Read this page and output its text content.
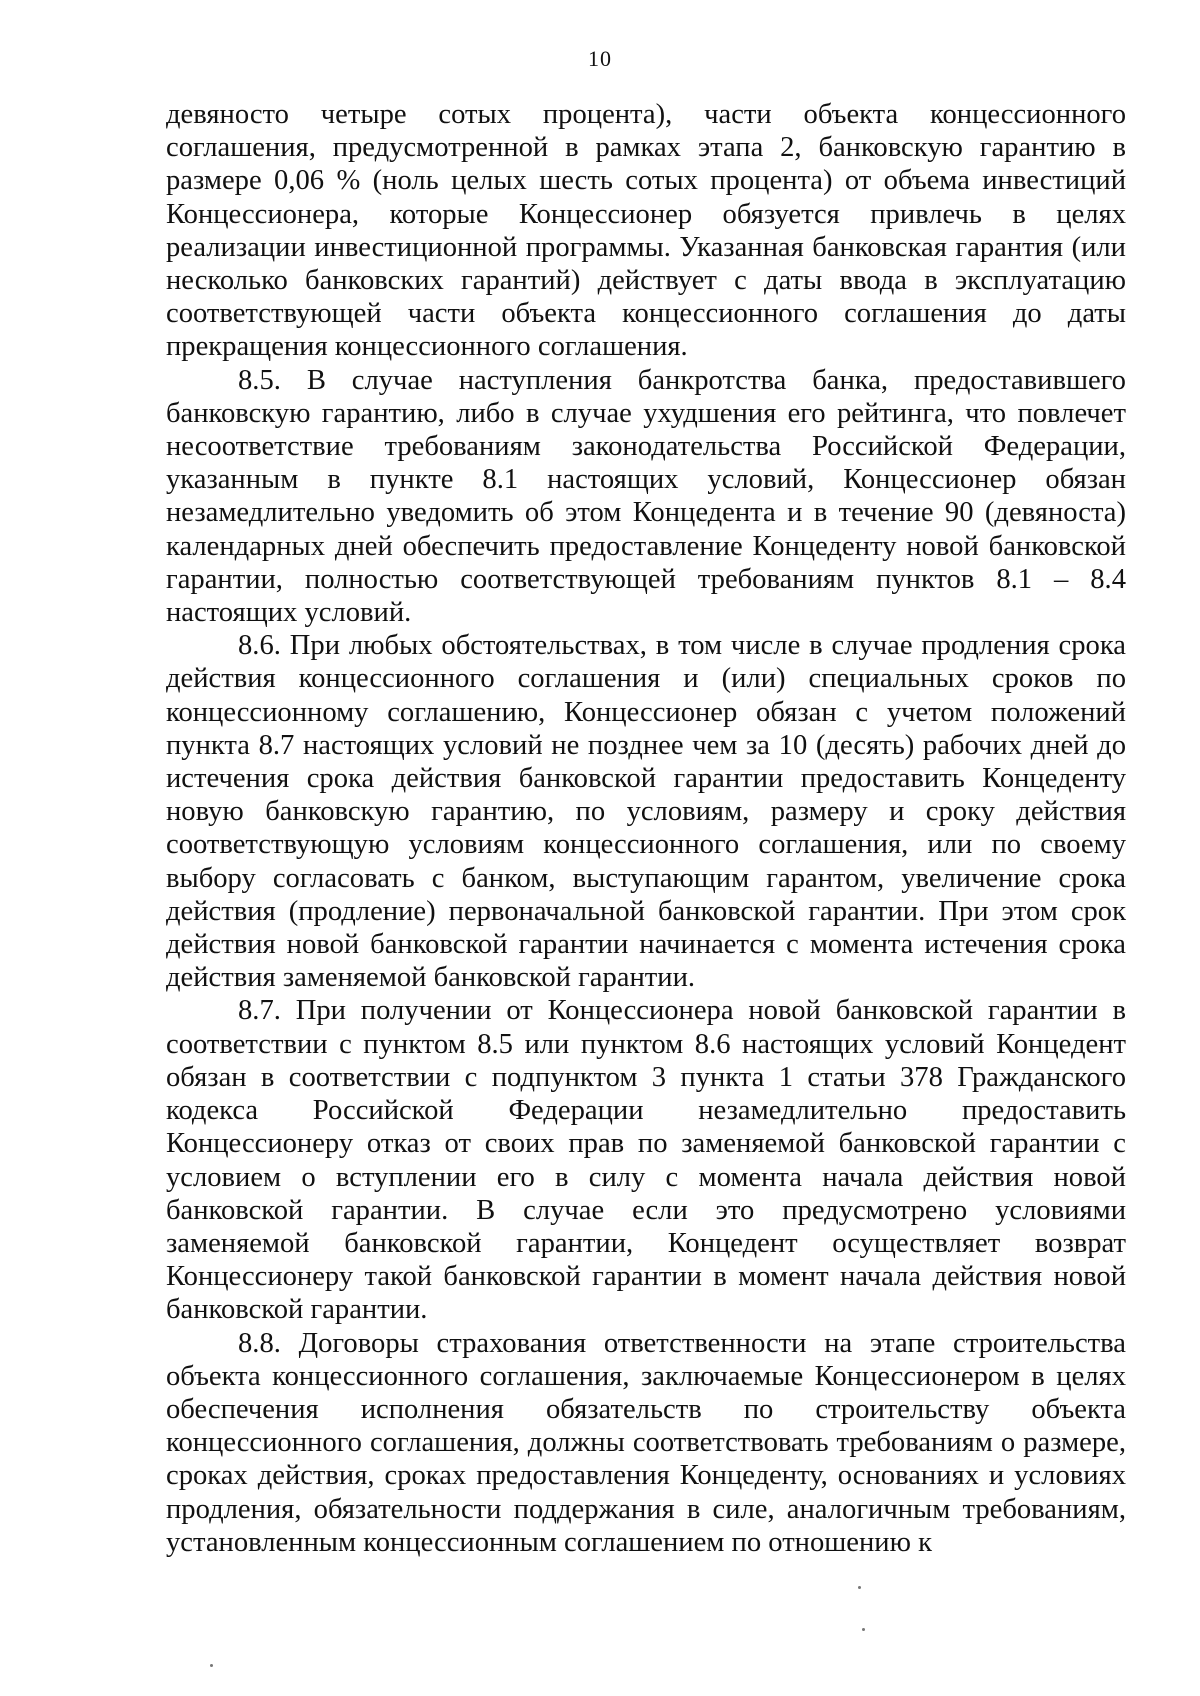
10

девяносто четыре сотых процента), части объекта концессионного соглашения, предусмотренной в рамках этапа 2, банковскую гарантию в размере 0,06 % (ноль целых шесть сотых процента) от объема инвестиций Концессионера, которые Концессионер обязуется привлечь в целях реализации инвестиционной программы. Указанная банковская гарантия (или несколько банковских гарантий) действует с даты ввода в эксплуатацию соответствующей части объекта концессионного соглашения до даты прекращения концессионного соглашения.

8.5. В случае наступления банкротства банка, предоставившего банковскую гарантию, либо в случае ухудшения его рейтинга, что повлечет несоответствие требованиям законодательства Российской Федерации, указанным в пункте 8.1 настоящих условий, Концессионер обязан незамедлительно уведомить об этом Концедента и в течение 90 (девяноста) календарных дней обеспечить предоставление Концеденту новой банковской гарантии, полностью соответствующей требованиям пунктов 8.1 – 8.4 настоящих условий.

8.6. При любых обстоятельствах, в том числе в случае продления срока действия концессионного соглашения и (или) специальных сроков по концессионному соглашению, Концессионер обязан с учетом положений пункта 8.7 настоящих условий не позднее чем за 10 (десять) рабочих дней до истечения срока действия банковской гарантии предоставить Концеденту новую банковскую гарантию, по условиям, размеру и сроку действия соответствующую условиям концессионного соглашения, или по своему выбору согласовать с банком, выступающим гарантом, увеличение срока действия (продление) первоначальной банковской гарантии. При этом срок действия новой банковской гарантии начинается с момента истечения срока действия заменяемой банковской гарантии.

8.7. При получении от Концессионера новой банковской гарантии в соответствии с пунктом 8.5 или пунктом 8.6 настоящих условий Концедент обязан в соответствии с подпунктом 3 пункта 1 статьи 378 Гражданского кодекса Российской Федерации незамедлительно предоставить Концессионеру отказ от своих прав по заменяемой банковской гарантии с условием о вступлении его в силу с момента начала действия новой банковской гарантии. В случае если это предусмотрено условиями заменяемой банковской гарантии, Концедент осуществляет возврат Концессионеру такой банковской гарантии в момент начала действия новой банковской гарантии.

8.8. Договоры страхования ответственности на этапе строительства объекта концессионного соглашения, заключаемые Концессионером в целях обеспечения исполнения обязательств по строительству объекта концессионного соглашения, должны соответствовать требованиям о размере, сроках действия, сроках предоставления Концеденту, основаниях и условиях продления, обязательности поддержания в силе, аналогичным требованиям, установленным концессионным соглашением по отношению к
